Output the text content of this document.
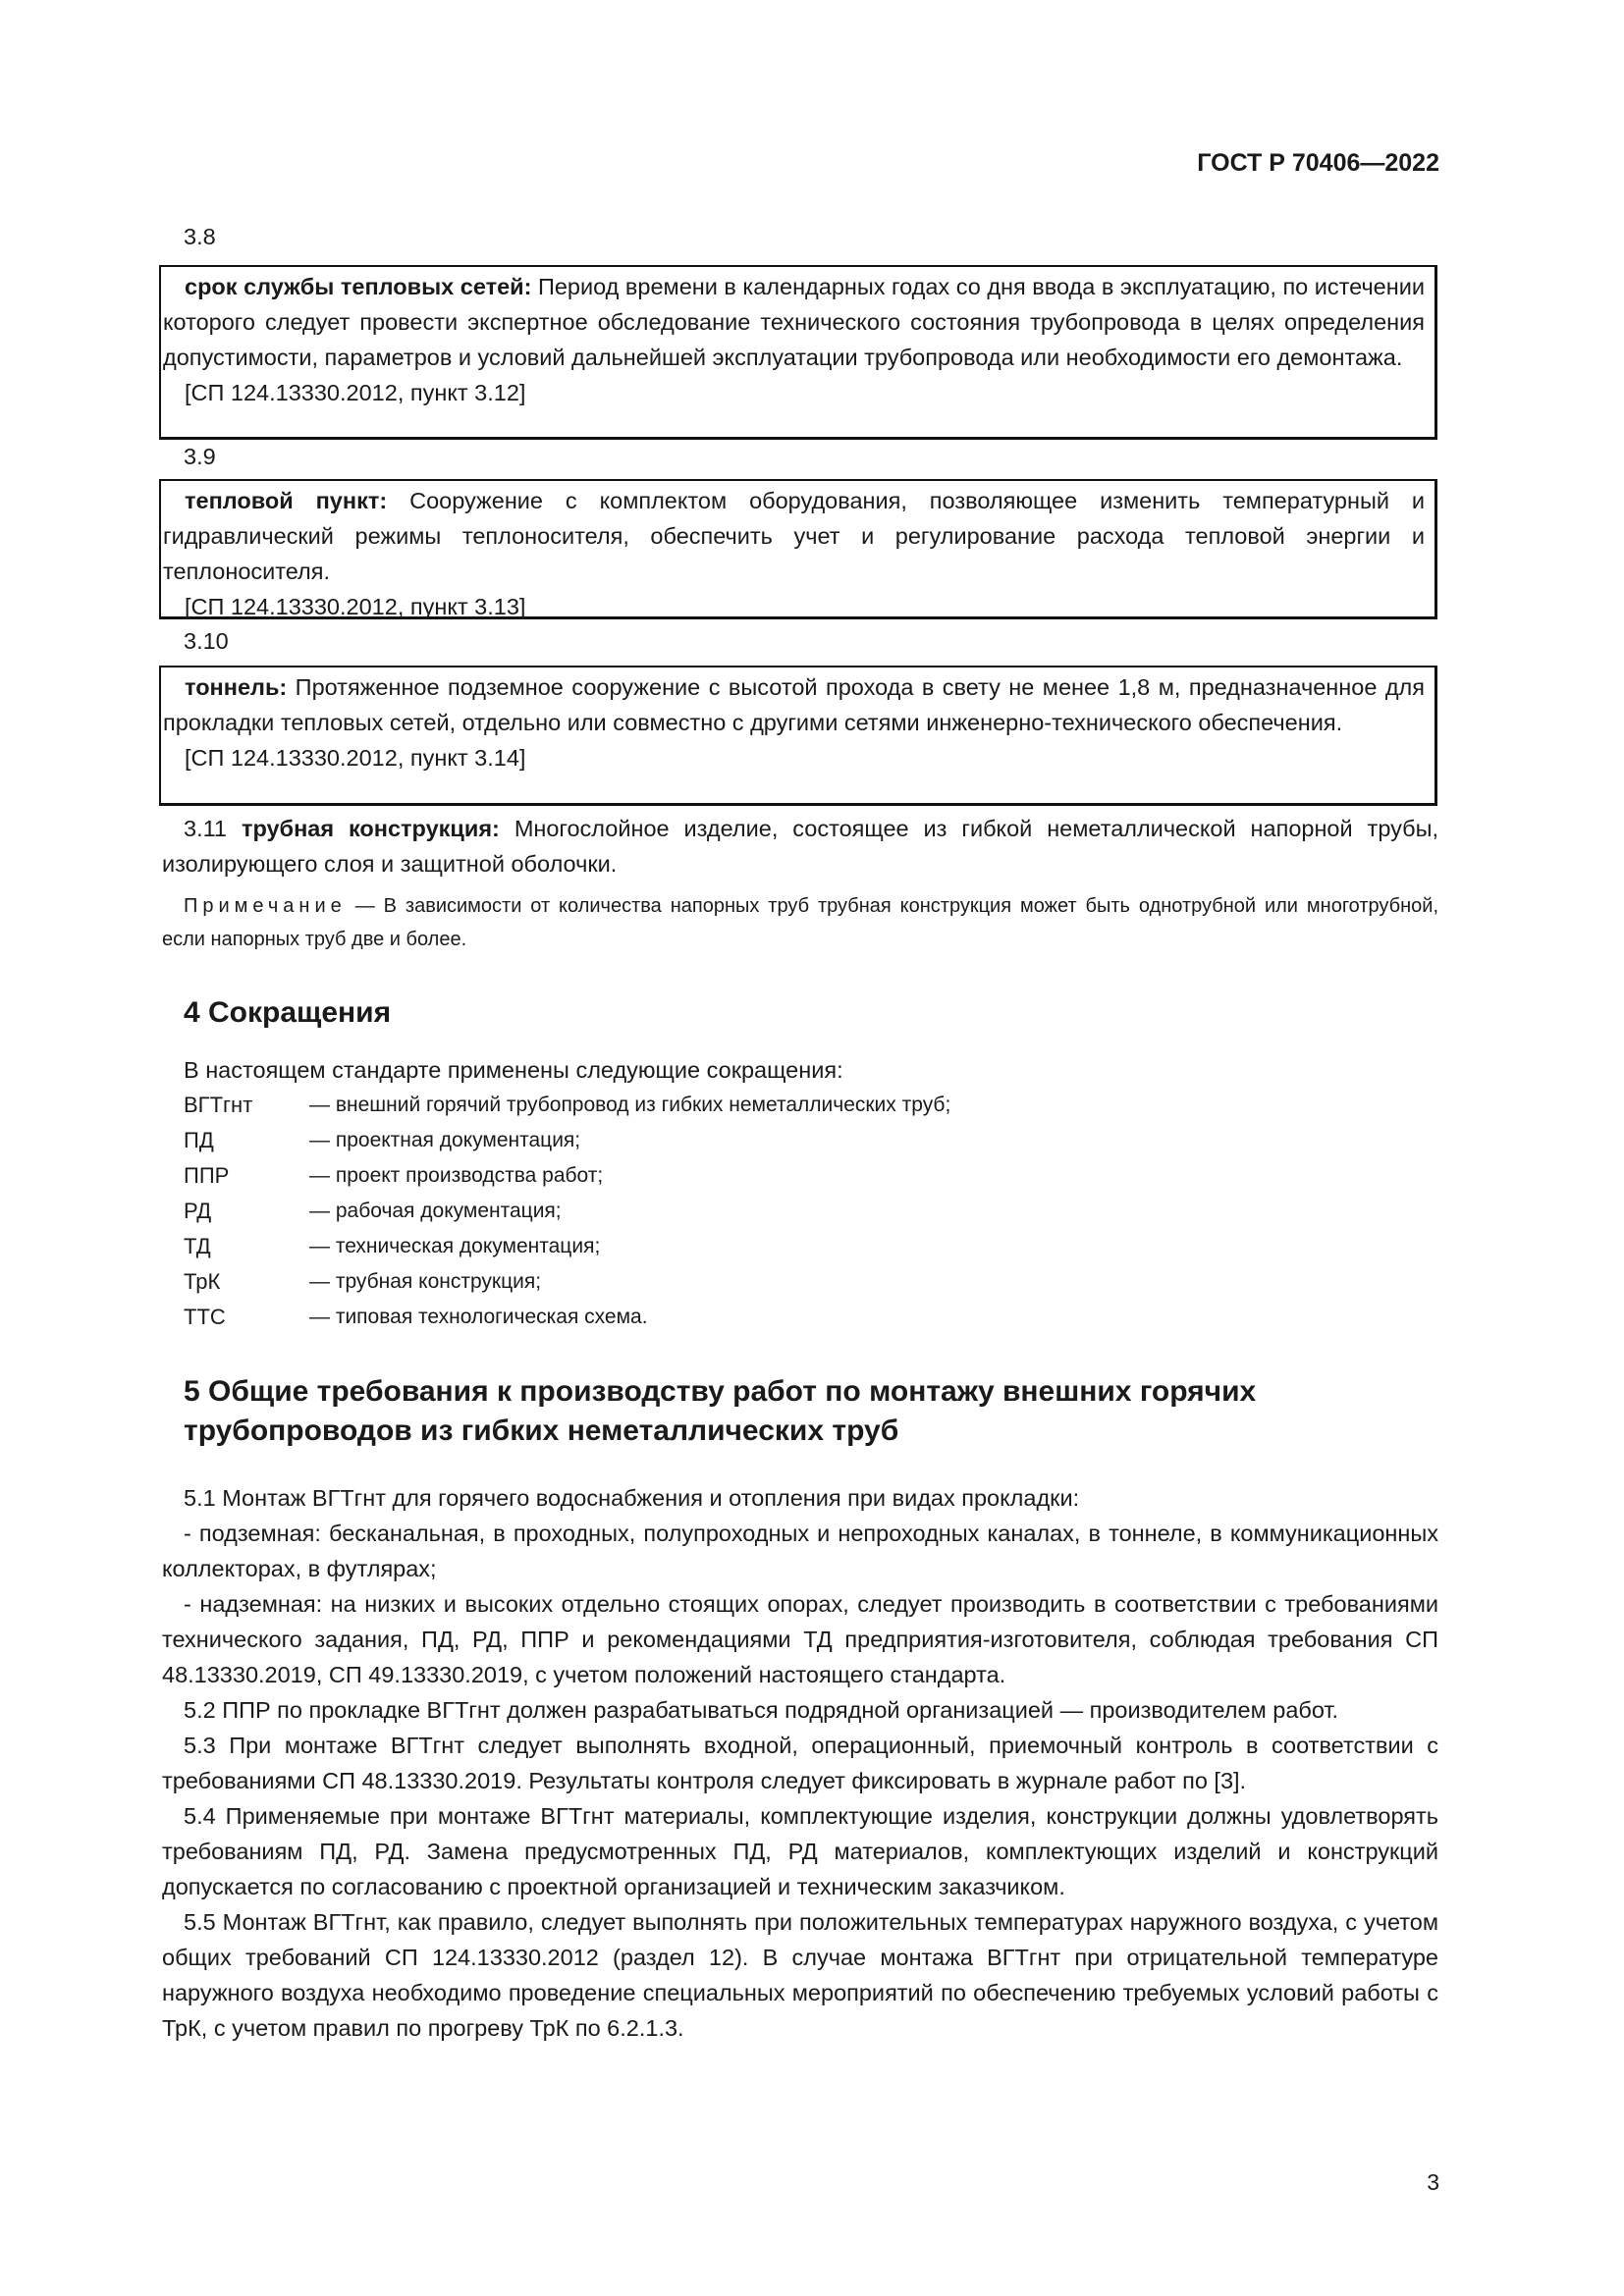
ГОСТ Р 70406—2022
3.8

срок службы тепловых сетей: Период времени в календарных годах со дня ввода в эксплуатацию, по истечении которого следует провести экспертное обследование технического состояния трубопровода в целях определения допустимости, параметров и условий дальнейшей эксплуатации трубопровода или необходимости его демонтажа.

[СП 124.13330.2012, пункт 3.12]
3.9

тепловой пункт: Сооружение с комплектом оборудования, позволяющее изменить температурный и гидравлический режимы теплоносителя, обеспечить учет и регулирование расхода тепловой энергии и теплоносителя.

[СП 124.13330.2012, пункт 3.13]
3.10

тоннель: Протяженное подземное сооружение с высотой прохода в свету не менее 1,8 м, предназначенное для прокладки тепловых сетей, отдельно или совместно с другими сетями инженерно-технического обеспечения.

[СП 124.13330.2012, пункт 3.14]

3.11 трубная конструкция: Многослойное изделие, состоящее из гибкой неметаллической напорной трубы, изолирующего слоя и защитной оболочки.

Примечание — В зависимости от количества напорных труб трубная конструкция может быть однотрубной или многотрубной, если напорных труб две и более.

4 Сокращения

В настоящем стандарте применены следующие сокращения:

ВГТгнт	— внешний горячий трубопровод из гибких неметаллических труб;
ПД	— проектная документация;
ППР	— проект производства работ;
РД	— рабочая документация;
ТД	— техническая документация;
ТрК	— трубная конструкция;
ТТС	— типовая технологическая схема.
5 Общие требования к производству работ по монтажу внешних горячих трубопроводов из гибких неметаллических труб

5.1 Монтаж ВГТгнт для горячего водоснабжения и отопления при видах прокладки:

- подземная: бесканальная, в проходных, полупроходных и непроходных каналах, в тоннеле, в коммуникационных коллекторах, в футлярах;

- надземная: на низких и высоких отдельно стоящих опорах, следует производить в соответствии с требованиями технического задания, ПД, РД, ППР и рекомендациями ТД предприятия-изготовителя, соблюдая требования СП 48.13330.2019, СП 49.13330.2019, с учетом положений настоящего стандарта.

5.2 ППР по прокладке ВГТгнт должен разрабатываться подрядной организацией — производителем работ.

5.3 При монтаже ВГТгнт следует выполнять входной, операционный, приемочный контроль в соответствии с требованиями СП 48.13330.2019. Результаты контроля следует фиксировать в журнале работ по [3].

5.4 Применяемые при монтаже ВГТгнт материалы, комплектующие изделия, конструкции должны удовлетворять требованиям ПД, РД. Замена предусмотренных ПД, РД материалов, комплектующих изделий и конструкций допускается по согласованию с проектной организацией и техническим заказчиком.

5.5 Монтаж ВГТгнт, как правило, следует выполнять при положительных температурах наружного воздуха, с учетом общих требований СП 124.13330.2012 (раздел 12). В случае монтажа ВГТгнт при отрицательной температуре наружного воздуха необходимо проведение специальных мероприятий по обеспечению требуемых условий работы с ТрК, с учетом правил по прогреву ТрК по 6.2.1.3.

3
